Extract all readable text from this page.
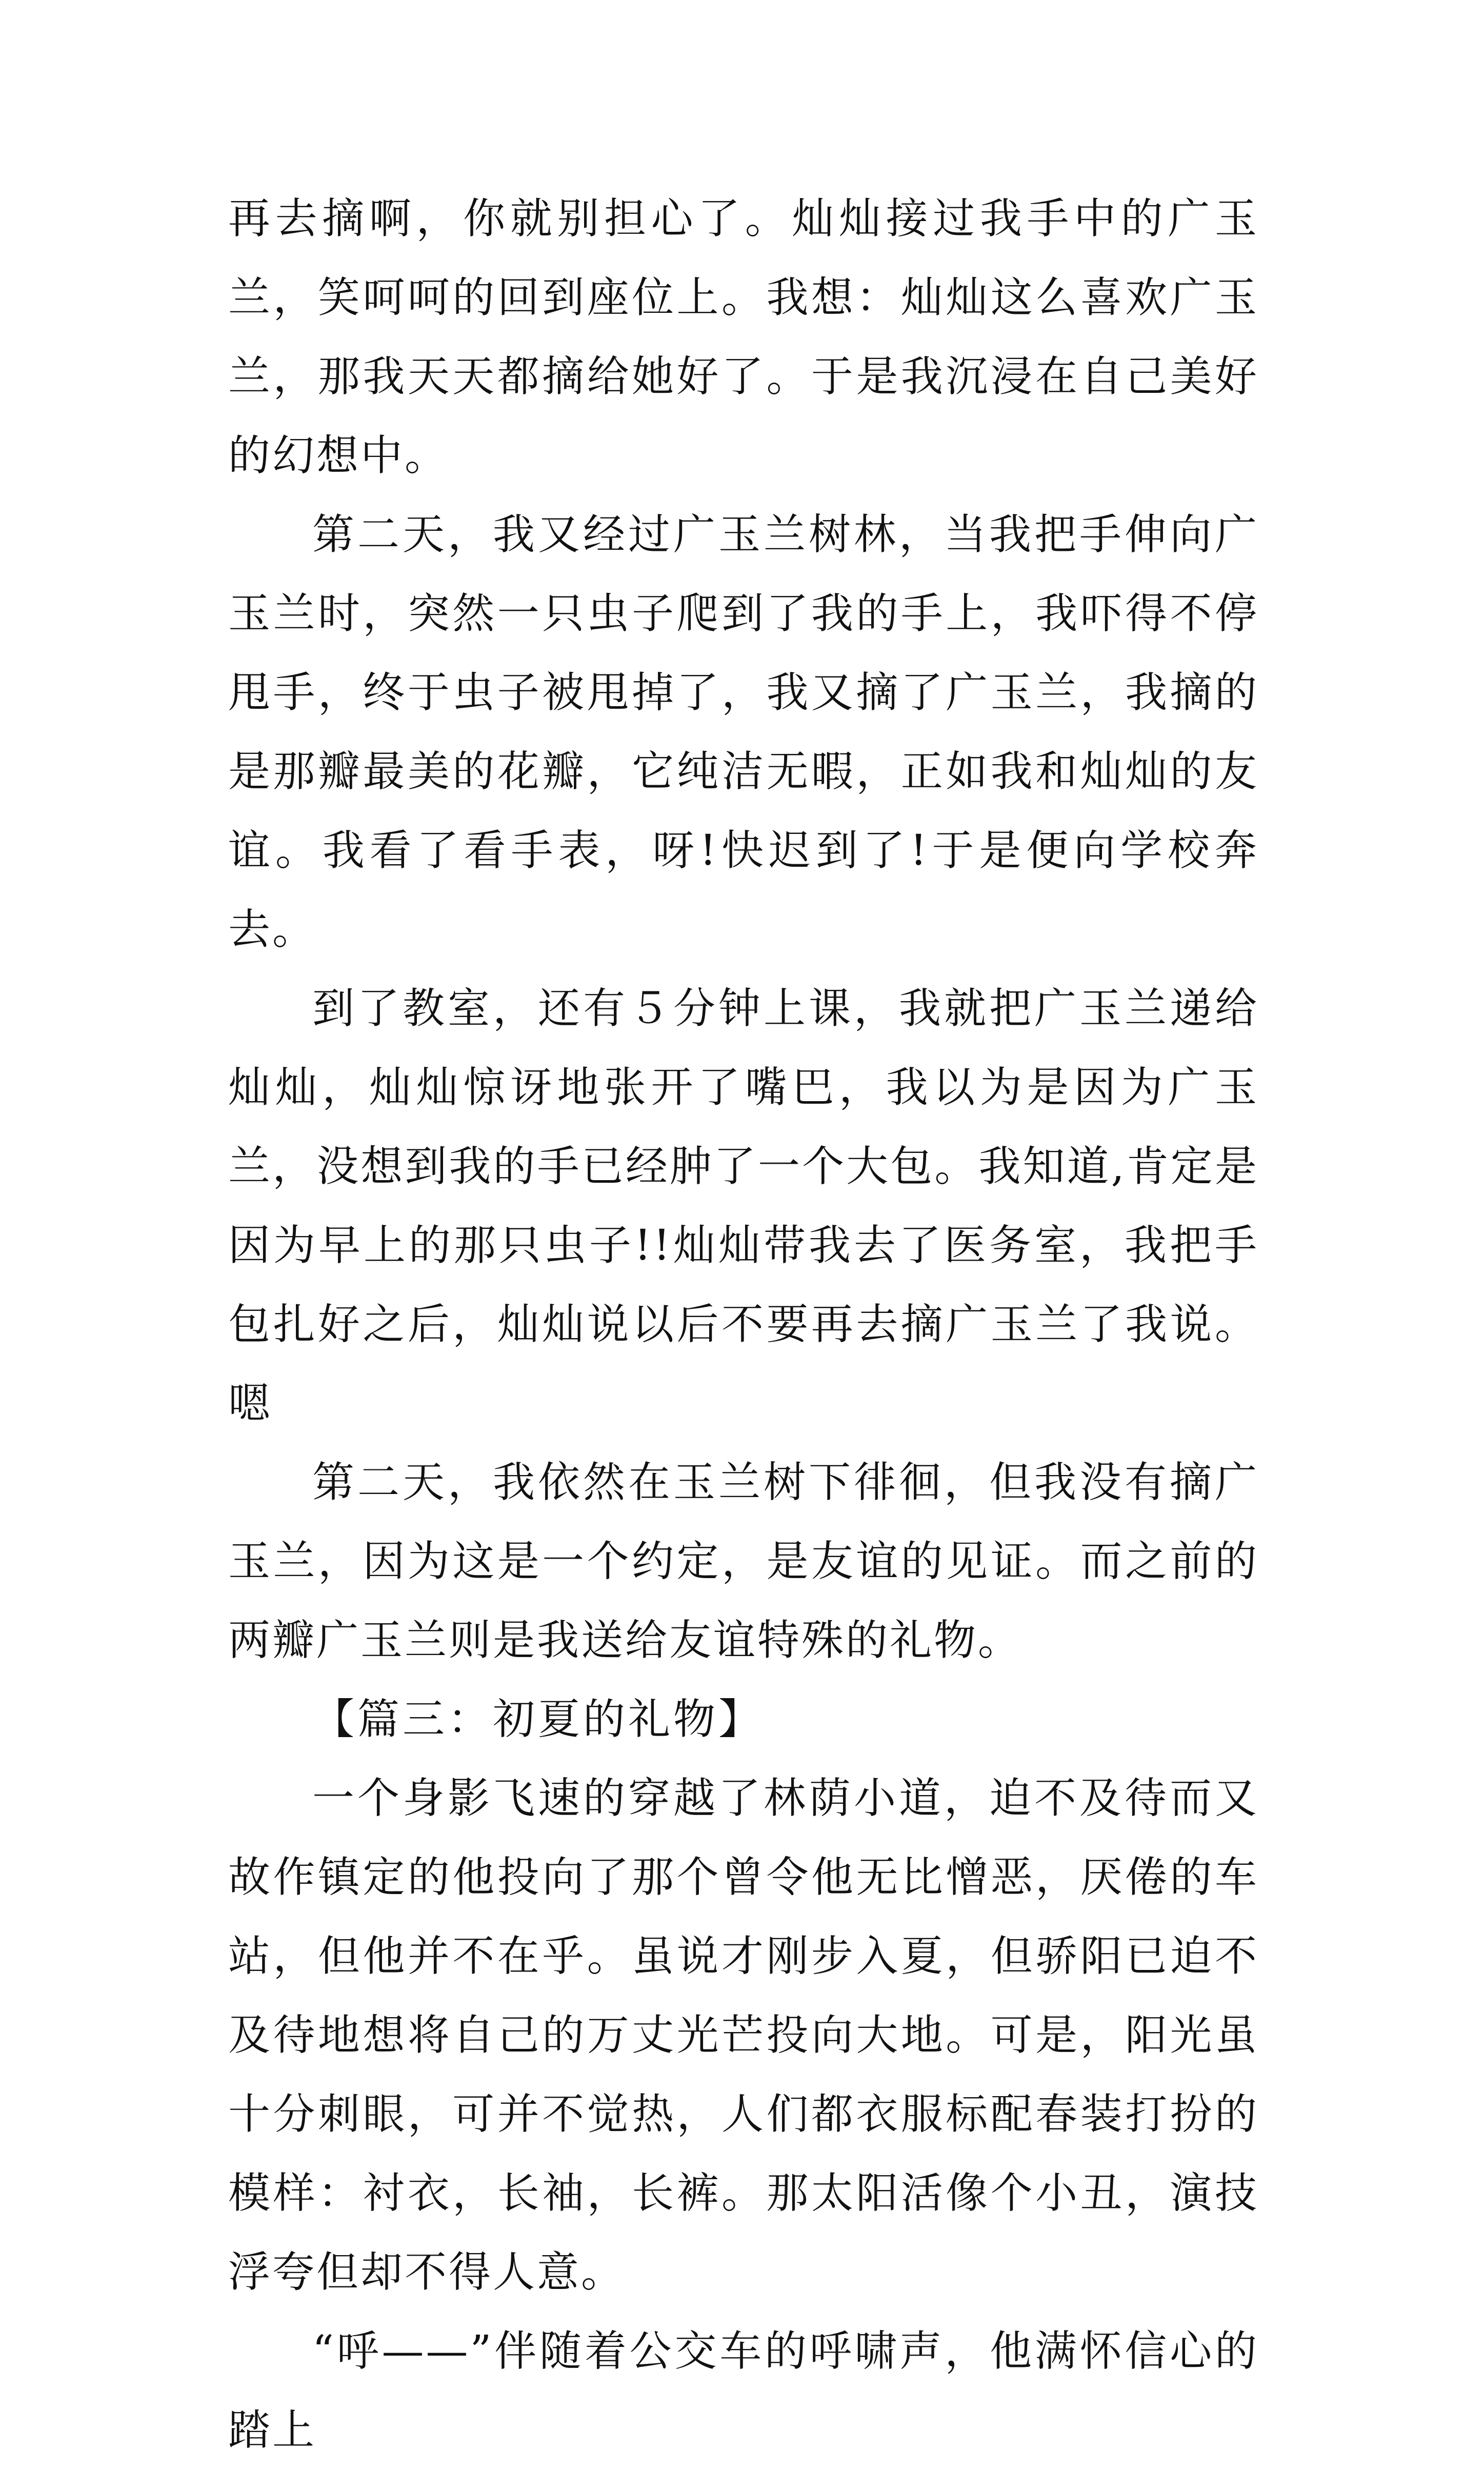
再去摘啊，你就别担心了。灿灿接过我手中的广玉兰，笑呵呵的回到座位上。我想：灿灿这么喜欢广玉兰，那我天天都摘给她好了。于是我沉浸在自己美好的幻想中。

第二天，我又经过广玉兰树林，当我把手伸向广玉兰时，突然一只虫子爬到了我的手上，我吓得不停甩手，终于虫子被甩掉了，我又摘了广玉兰，我摘的是那瓣最美的花瓣，它纯洁无暇，正如我和灿灿的友谊。我看了看手表，呀!快迟到了!于是便向学校奔去。

到了教室，还有５分钟上课，我就把广玉兰递给灿灿，灿灿惊讶地张开了嘴巴，我以为是因为广玉兰，没想到我的手已经肿了一个大包。我知道,肯定是因为早上的那只虫子!!灿灿带我去了医务室，我把手包扎好之后，灿灿说以后不要再去摘广玉兰了我说。嗯

第二天，我依然在玉兰树下徘徊，但我没有摘广玉兰，因为这是一个约定，是友谊的见证。而之前的两瓣广玉兰则是我送给友谊特殊的礼物。

【篇三：初夏的礼物】

一个身影飞速的穿越了林荫小道，迫不及待而又故作镇定的他投向了那个曾令他无比憎恶，厌倦的车站，但他并不在乎。虽说才刚步入夏，但骄阳已迫不及待地想将自己的万丈光芒投向大地。可是，阳光虽十分刺眼，可并不觉热，人们都衣服标配春装打扮的模样：衬衣，长袖，长裤。那太阳活像个小丑，演技浮夸但却不得人意。

“呼——”伴随着公交车的呼啸声，他满怀信心的踏上
